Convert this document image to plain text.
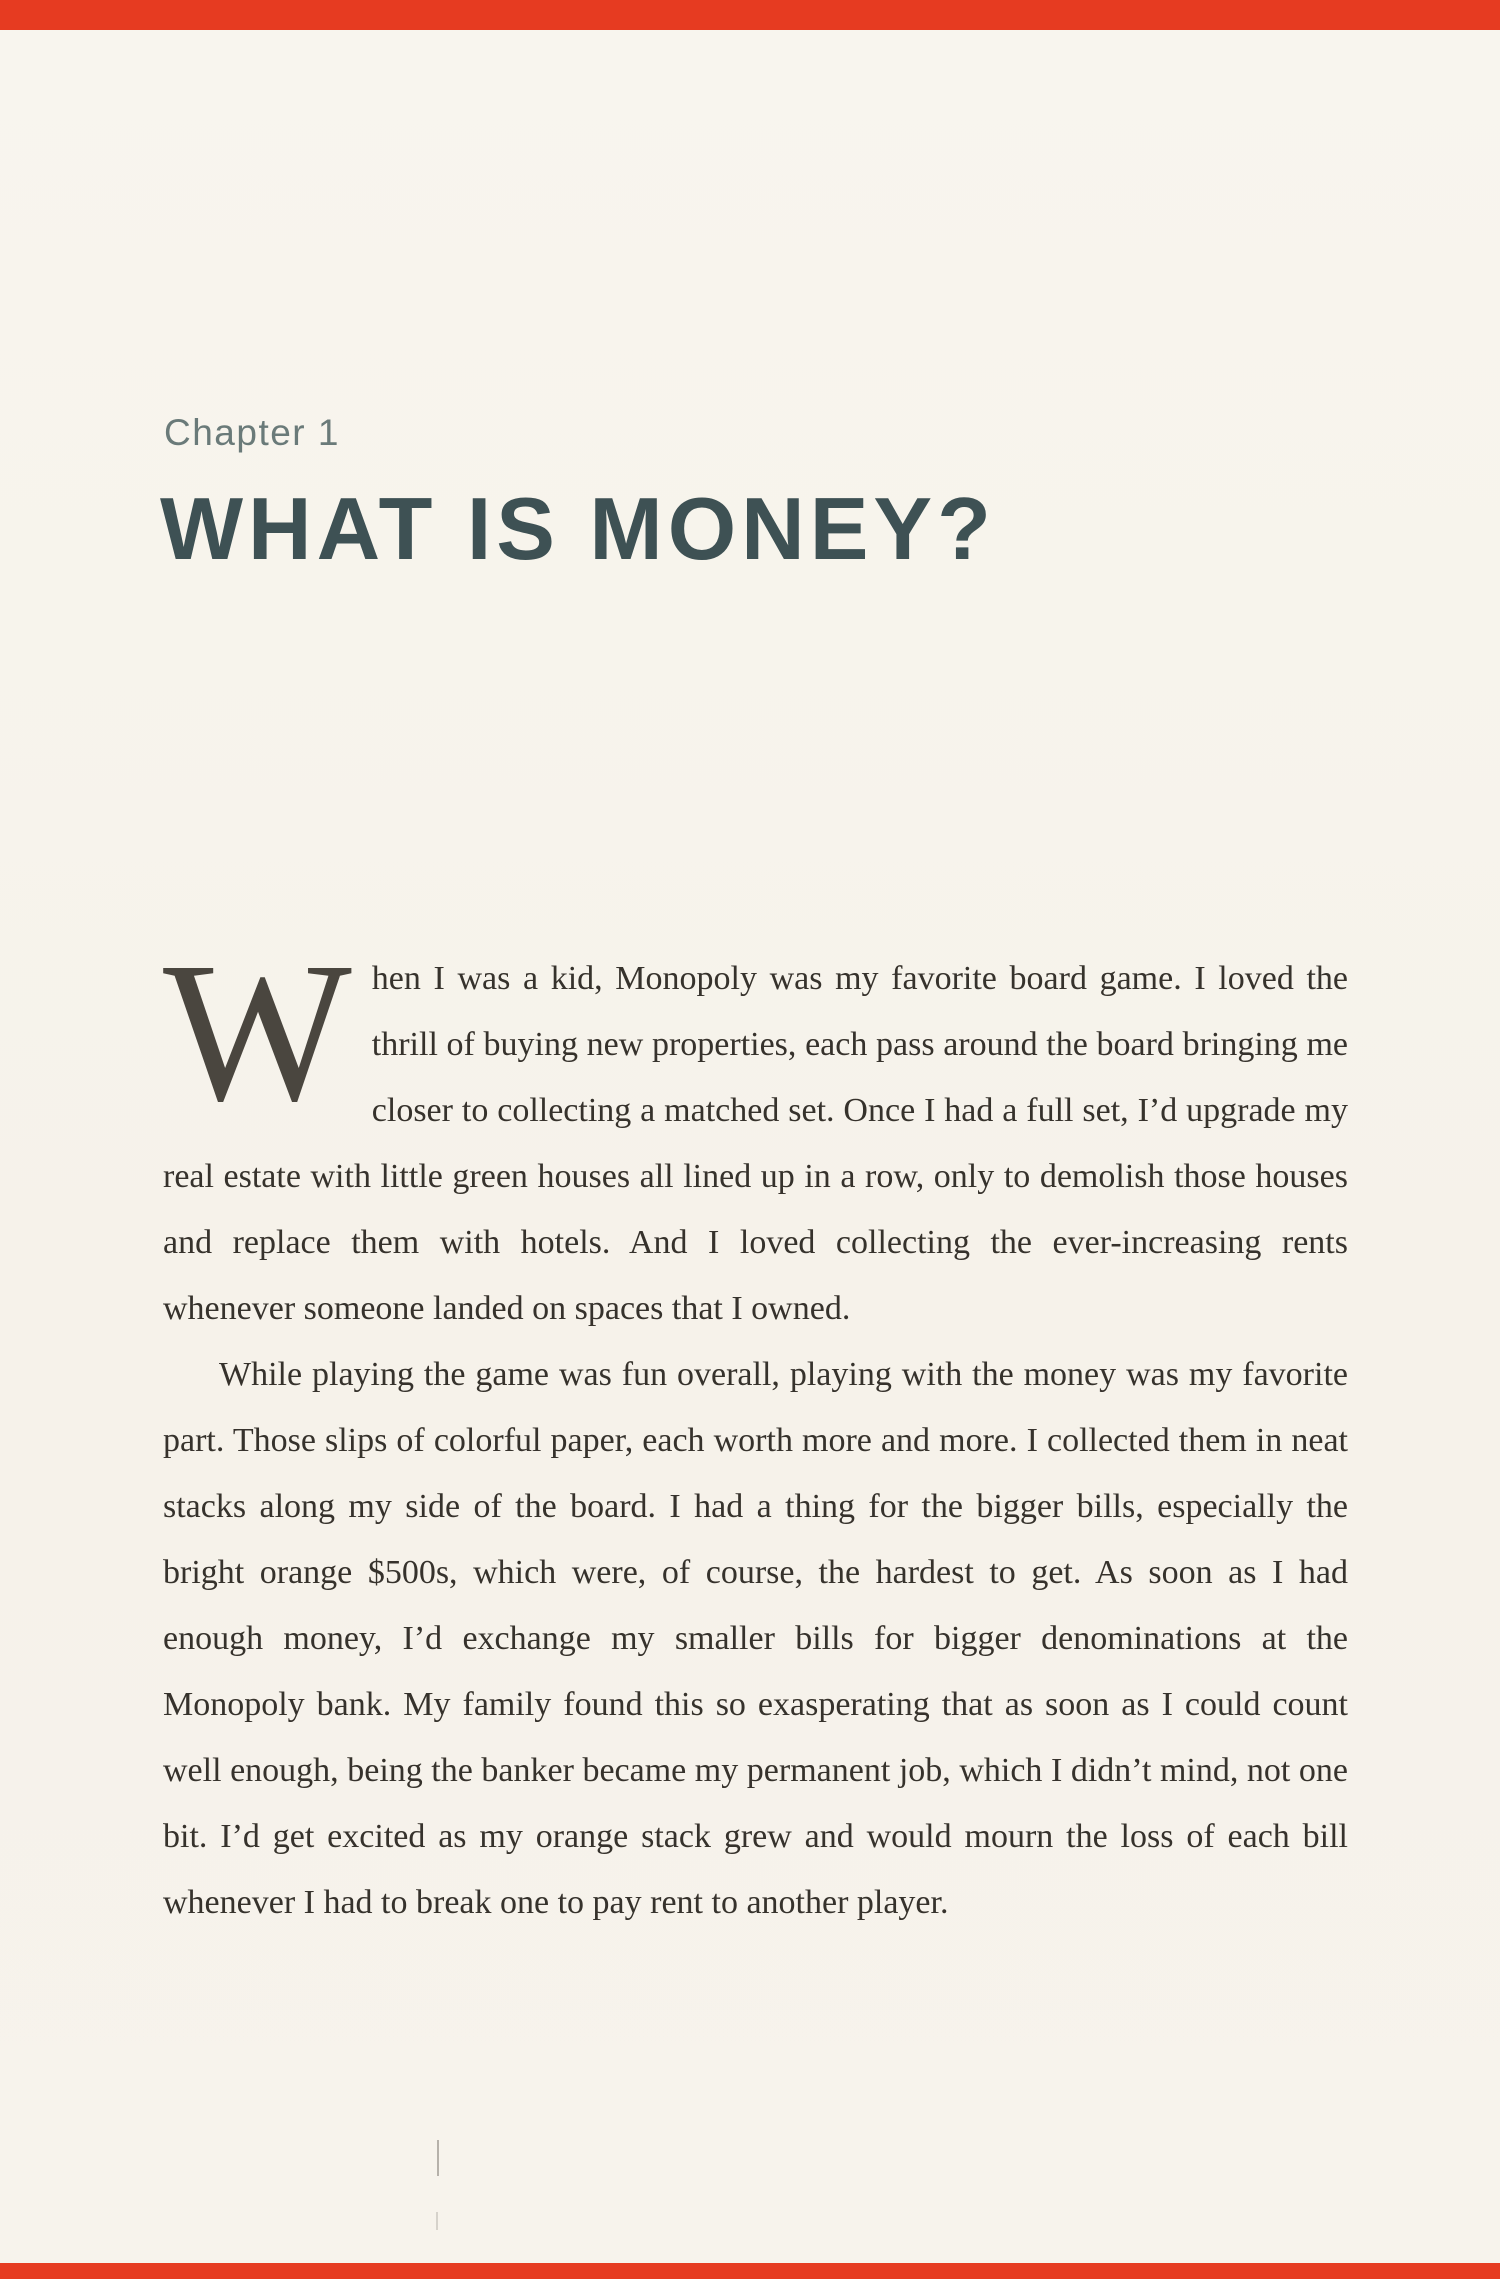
Chapter 1
WHAT IS MONEY?

When I was a kid, Monopoly was my favorite board game. I loved the thrill of buying new properties, each pass around the board bringing me closer to collecting a matched set. Once I had a full set, I’d upgrade my real estate with little green houses all lined up in a row, only to demolish those houses and replace them with hotels. And I loved collecting the ever-increasing rents whenever someone landed on spaces that I owned.

While playing the game was fun overall, playing with the money was my favorite part. Those slips of colorful paper, each worth more and more. I collected them in neat stacks along my side of the board. I had a thing for the bigger bills, especially the bright orange $500s, which were, of course, the hardest to get. As soon as I had enough money, I’d exchange my smaller bills for bigger denominations at the Monopoly bank. My family found this so exasperating that as soon as I could count well enough, being the banker became my permanent job, which I didn’t mind, not one bit. I’d get excited as my orange stack grew and would mourn the loss of each bill whenever I had to break one to pay rent to another player.
